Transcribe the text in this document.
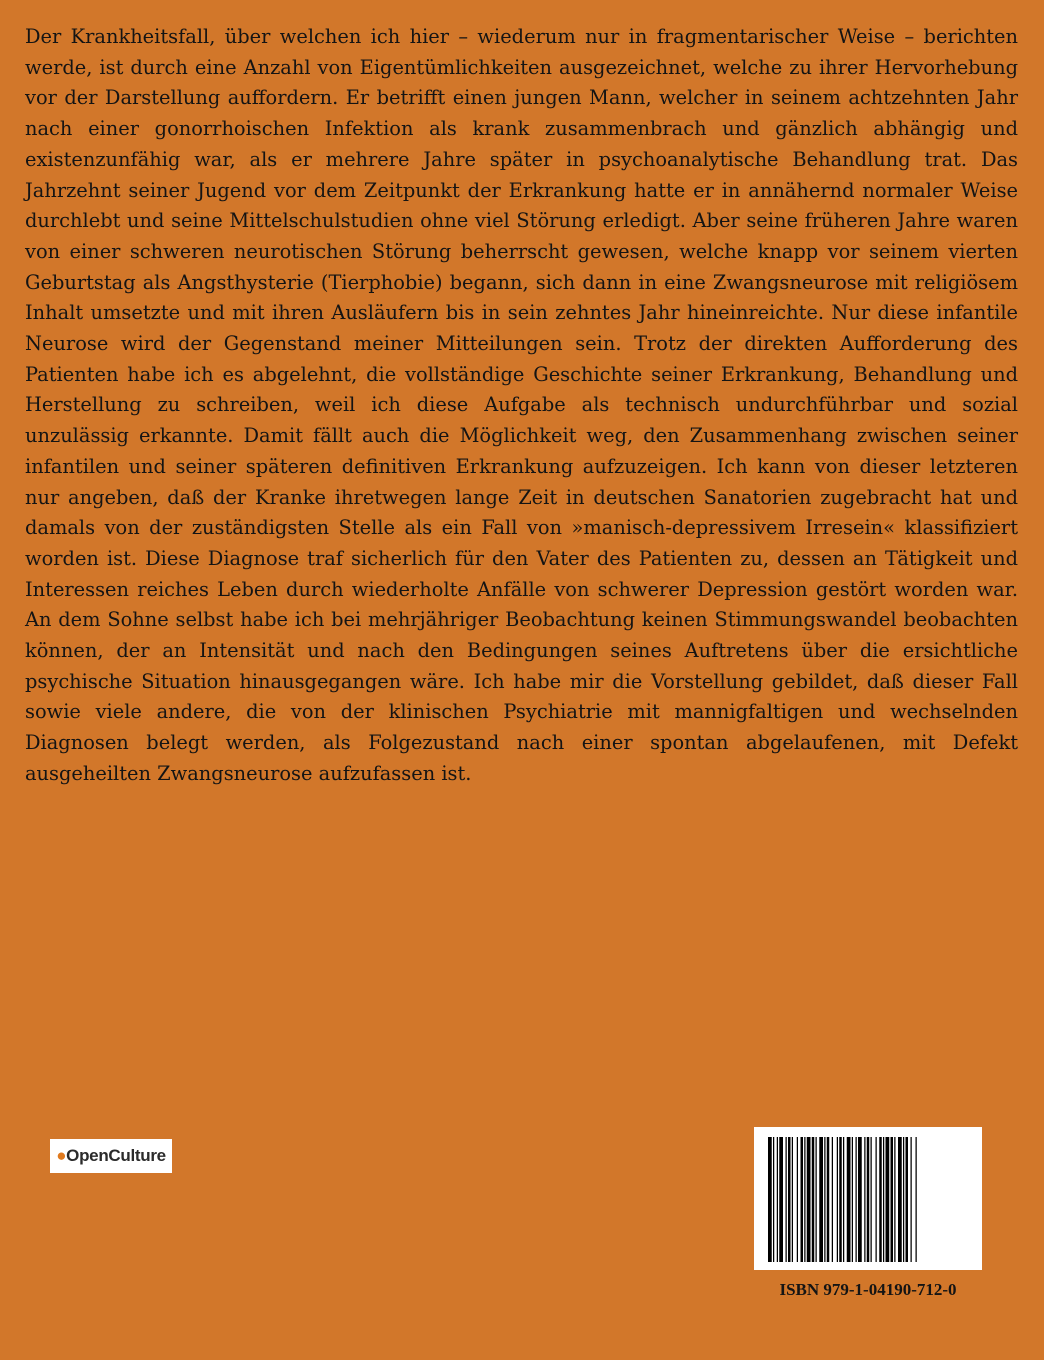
Der Krankheitsfall, über welchen ich hier – wiederum nur in fragmentarischer Weise – berichten werde, ist durch eine Anzahl von Eigentümlichkeiten ausgezeichnet, welche zu ihrer Hervorhebung vor der Darstellung auffordern. Er betrifft einen jungen Mann, welcher in seinem achtzehnten Jahr nach einer gonorrhoischen Infektion als krank zusammenbrach und gänzlich abhängig und existenzunfähig war, als er mehrere Jahre später in psychoanalytische Behandlung trat. Das Jahrzehnt seiner Jugend vor dem Zeitpunkt der Erkrankung hatte er in annähernd normaler Weise durchlebt und seine Mittelschulstudien ohne viel Störung erledigt. Aber seine früheren Jahre waren von einer schweren neurotischen Störung beherrscht gewesen, welche knapp vor seinem vierten Geburtstag als Angsthysterie (Tierphobie) begann, sich dann in eine Zwangsneurose mit religiösem Inhalt umsetzte und mit ihren Ausläufern bis in sein zehntes Jahr hineinreichte. Nur diese infantile Neurose wird der Gegenstand meiner Mitteilungen sein. Trotz der direkten Aufforderung des Patienten habe ich es abgelehnt, die vollständige Geschichte seiner Erkrankung, Behandlung und Herstellung zu schreiben, weil ich diese Aufgabe als technisch undurchführbar und sozial unzulässig erkannte. Damit fällt auch die Möglichkeit weg, den Zusammenhang zwischen seiner infantilen und seiner späteren definitiven Erkrankung aufzuzeigen. Ich kann von dieser letzteren nur angeben, daß der Kranke ihretwegen lange Zeit in deutschen Sanatorien zugebracht hat und damals von der zuständigsten Stelle als ein Fall von »manisch-depressivem Irresein« klassifiziert worden ist. Diese Diagnose traf sicherlich für den Vater des Patienten zu, dessen an Tätigkeit und Interessen reiches Leben durch wiederholte Anfälle von schwerer Depression gestört worden war. An dem Sohne selbst habe ich bei mehrjähriger Beobachtung keinen Stimmungswandel beobachten können, der an Intensität und nach den Bedingungen seines Auftretens über die ersichtliche psychische Situation hinausgegangen wäre. Ich habe mir die Vorstellung gebildet, daß dieser Fall sowie viele andere, die von der klinischen Psychiatrie mit mannigfaltigen und wechselnden Diagnosen belegt werden, als Folgezustand nach einer spontan abgelaufenen, mit Defekt ausgeheilten Zwangsneurose aufzufassen ist.

● Open Culture
ISBN 979-1-04190-712-0
